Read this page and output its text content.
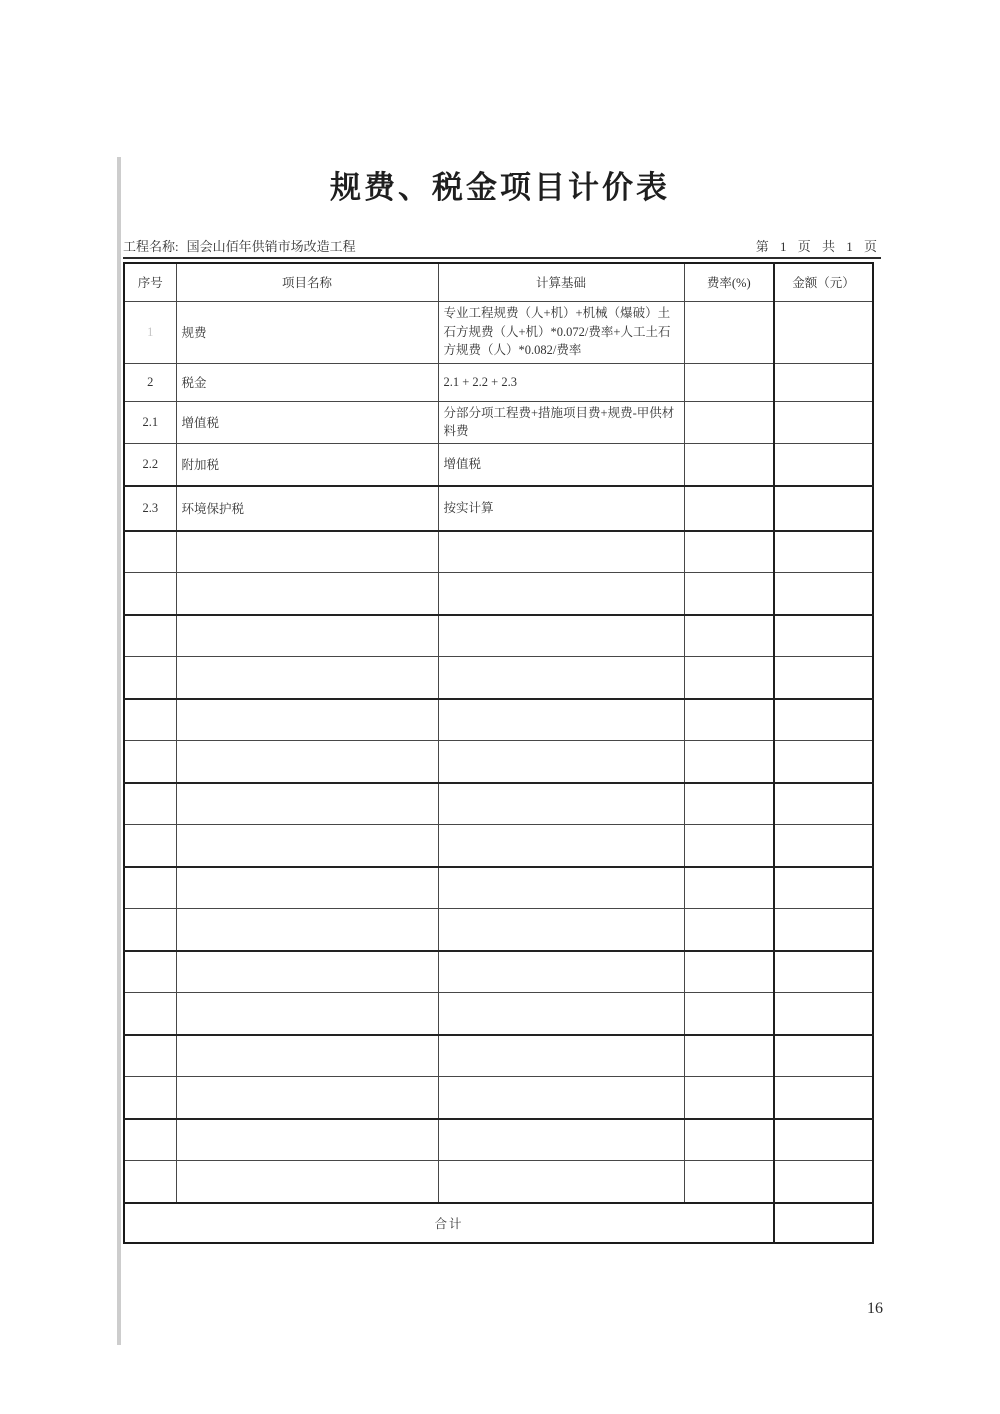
规费、税金项目计价表
工程名称: 国会山佰年供销市场改造工程	第 1 页 共 1 页
序号	项目名称	计算基础	费率(%)	金额（元）
1	规费	专业工程规费（人+机）+机械（爆破）土石方规费（人+机）*0.072/费率+人工土石方规费（人）*0.082/费率		
2	税金	2.1 + 2.2 + 2.3		
2.1	增值税	分部分项工程费+措施项目费+规费-甲供材料费		
2.2	附加税	增值税		
2.3	环境保护税	按实计算		

合计				
16
